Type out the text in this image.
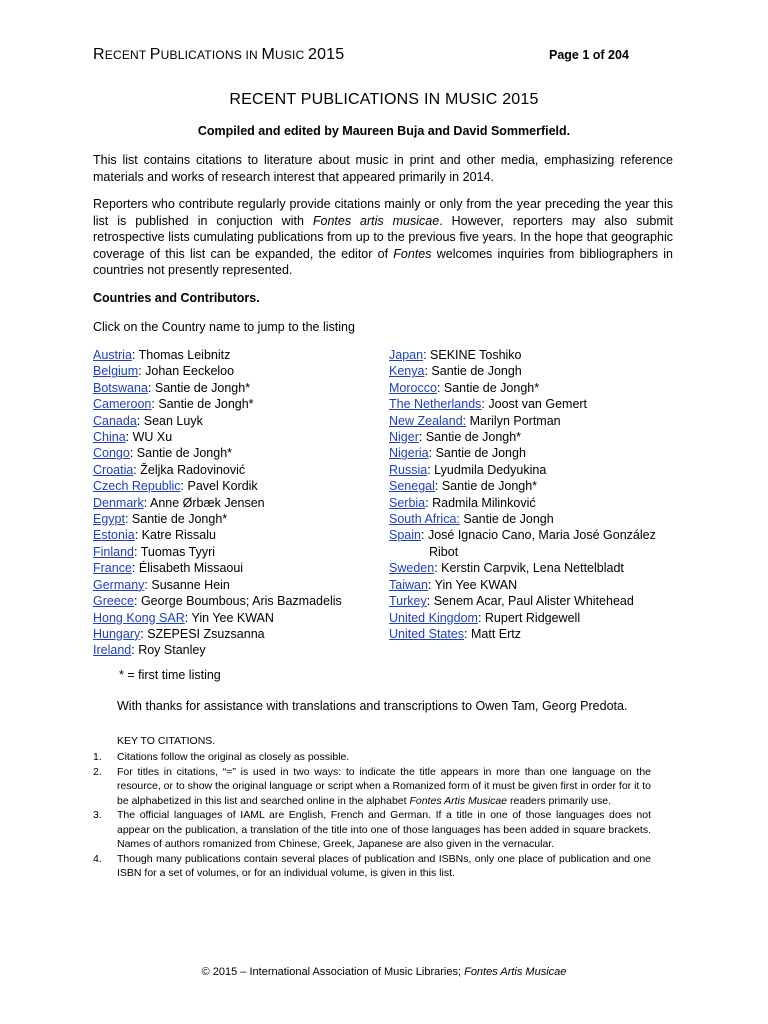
RECENT PUBLICATIONS IN MUSIC 2015	Page 1 of 204
RECENT PUBLICATIONS IN MUSIC 2015
Compiled and edited by Maureen Buja and David Sommerfield.
This list contains citations to literature about music in print and other media, emphasizing reference materials and works of research interest that appeared primarily in 2014.
Reporters who contribute regularly provide citations mainly or only from the year preceding the year this list is published in conjuction with Fontes artis musicae. However, reporters may also submit retrospective lists cumulating publications from up to the previous five years. In the hope that geographic coverage of this list can be expanded, the editor of Fontes welcomes inquiries from bibliographers in countries not presently represented.
Countries and Contributors.
Click on the Country name to jump to the listing
Austria: Thomas Leibnitz
Belgium: Johan Eeckeloo
Botswana: Santie de Jongh*
Cameroon: Santie de Jongh*
Canada: Sean Luyk
China: WU Xu
Congo: Santie de Jongh*
Croatia: Željka Radovinović
Czech Republic: Pavel Kordik
Denmark: Anne Ørbæk Jensen
Egypt: Santie de Jongh*
Estonia: Katre Rissalu
Finland: Tuomas Tyyri
France: Élisabeth Missaoui
Germany: Susanne Hein
Greece: George Boumbous; Aris Bazmadelis
Hong Kong SAR: Yin Yee KWAN
Hungary: SZEPESI Zsuzsanna
Ireland: Roy Stanley
Japan: SEKINE Toshiko
Kenya: Santie de Jongh
Morocco: Santie de Jongh*
The Netherlands: Joost van Gemert
New Zealand: Marilyn Portman
Niger: Santie de Jongh*
Nigeria: Santie de Jongh
Russia: Lyudmila Dedyukina
Senegal: Santie de Jongh*
Serbia: Radmila Milinković
South Africa: Santie de Jongh
Spain: José Ignacio Cano, Maria José González
Ribot
Sweden: Kerstin Carpvik, Lena Nettelbladt
Taiwan: Yin Yee KWAN
Turkey: Senem Acar, Paul Alister Whitehead
United Kingdom: Rupert Ridgewell
United States: Matt Ertz
* = first time listing
With thanks for assistance with translations and transcriptions to Owen Tam, Georg Predota.
KEY TO CITATIONS.
1. Citations follow the original as closely as possible.
2. For titles in citations, “=” is used in two ways: to indicate the title appears in more than one language on the resource, or to show the original language or script when a Romanized form of it must be given first in order for it to be alphabetized in this list and searched online in the alphabet Fontes Artis Musicae readers primarily use.
3. The official languages of IAML are English, French and German. If a title in one of those languages does not appear on the publication, a translation of the title into one of those languages has been added in square brackets. Names of authors romanized from Chinese, Greek, Japanese are also given in the vernacular.
4. Though many publications contain several places of publication and ISBNs, only one place of publication and one ISBN for a set of volumes, or for an individual volume, is given in this list.
© 2015 – International Association of Music Libraries; Fontes Artis Musicae
